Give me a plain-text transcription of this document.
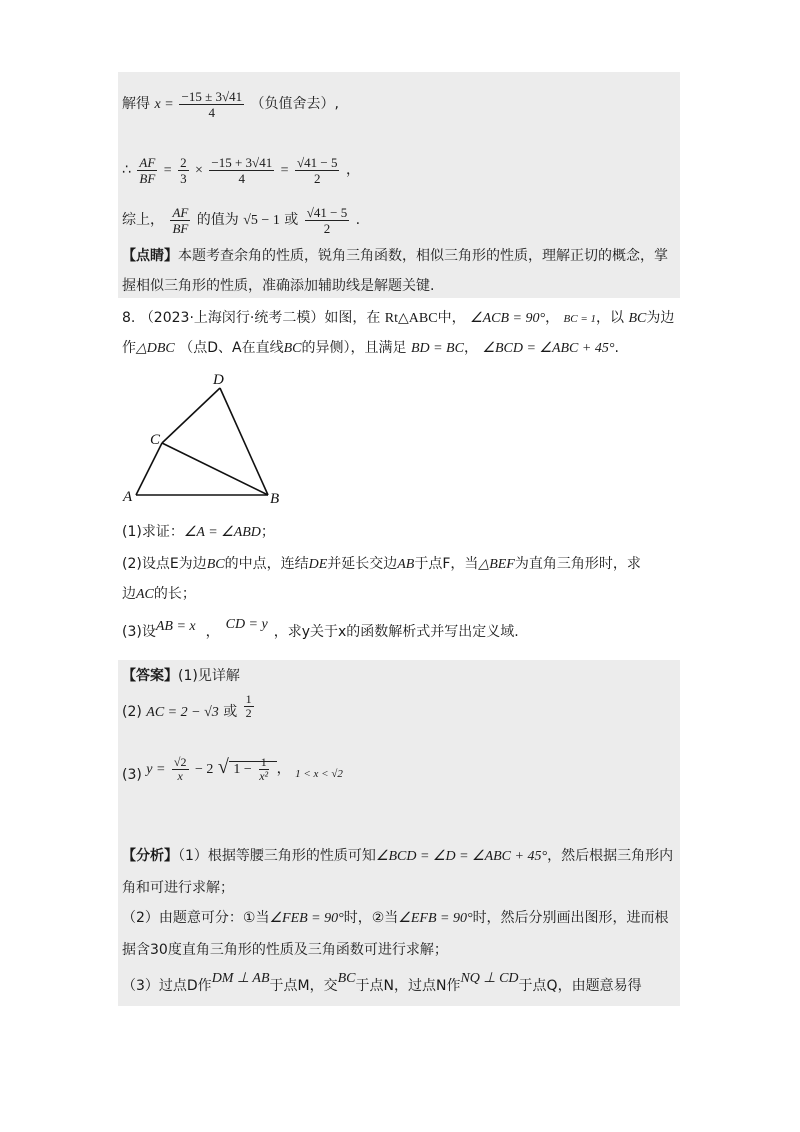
解得 $x = \frac{-15 \pm 3√41}{4}$ （负值舍去）,
∴ $\frac{AF}{BF} = \frac{2}{3} \times \frac{-15 + 3√41}{4} = \frac{√41 - 5}{2}$ ，
综上， $\frac{AF}{BF}$ 的值为 √5 − 1 或 $\frac{√41 - 5}{2}$ .
【点睛】本题考查余角的性质，锐角三角函数，相似三角形的性质，理解正切的概念，掌
握相似三角形的性质，准确添加辅助线是解题关键.
8. （2023·上海闵行·统考二模）如图，在 Rt△ABC中， ∠ACB = 90°， BC = 1，以 BC为边
作△DBC （点D、A在直线BC的异侧），且满足 BD = BC， ∠BCD = ∠ABC + 45°.
D
C
A	B
(1)求证：∠A = ∠ABD；
(2)设点E为边BC的中点，连结DE并延长交边AB于点F，当△BEF为直角三角形时，求
边AC的长；
(3)设AB = x ， CD = y ，求y关于x的函数解析式并写出定义域.
【答案】(1)见详解
(2) AC = 2 − √3 或 $\frac{1}{2}$
(3) $y = \frac{√2}{x} - 2$ √ $1 - \frac{1}{\text{x²}}$ ， 1 < x < √2
【分析】（1）根据等腰三角形的性质可知∠BCD = ∠D = ∠ABC + 45°，然后根据三角形内
角和可进行求解；
（2）由题意可分：①当∠FEB = 90°时，②当∠EFB = 90°时，然后分别画出图形，进而根
据含30度直角三角形的性质及三角函数可进行求解；
（3）过点D作DM ⊥ AB于点M，交BC于点N，过点N作NQ ⊥ CD于点Q，由题意易得
